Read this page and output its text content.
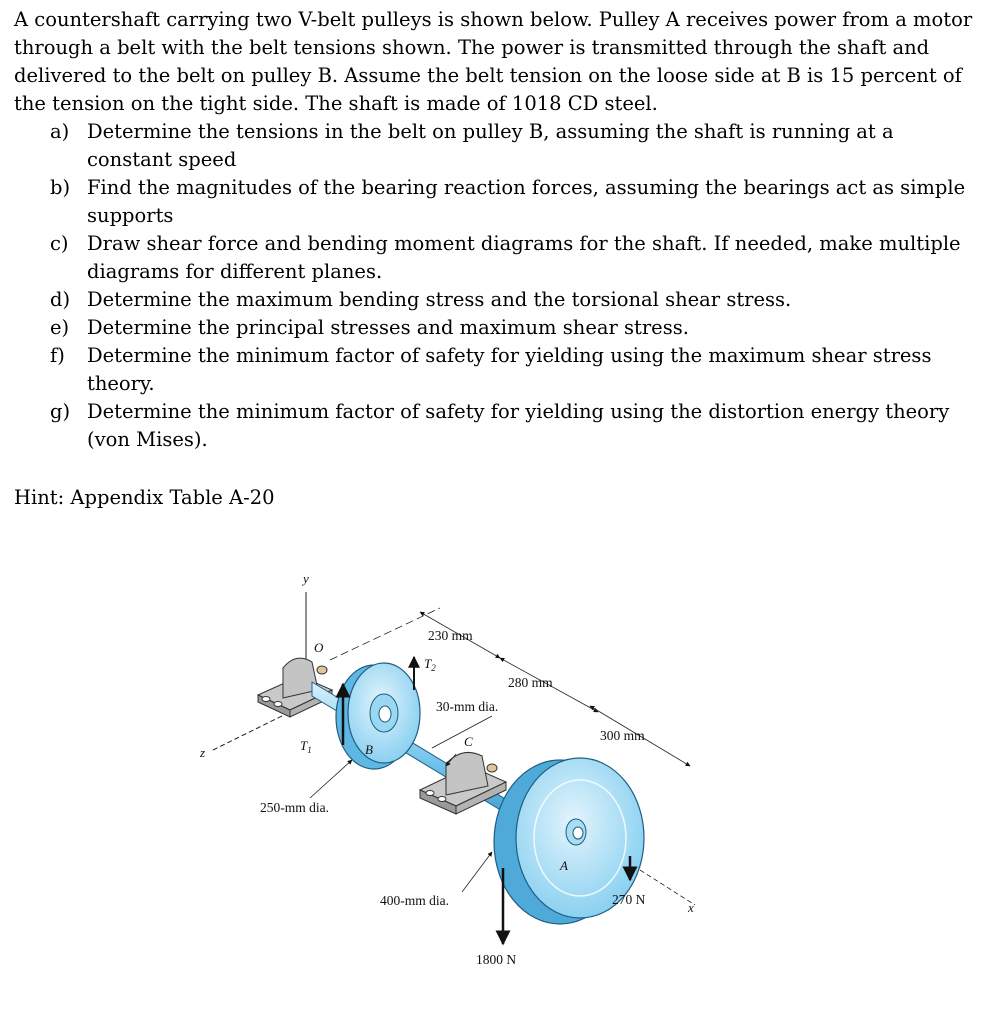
A countershaft carrying two V-belt pulleys is shown below. Pulley A receives power from a motor through a belt with the belt tensions shown. The power is transmitted through the shaft and delivered to the belt on pulley B. Assume the belt tension on the loose side at B is 15 percent of the tension on the tight side. The shaft is made of 1018 CD steel.

a) Determine the tensions in the belt on pulley B, assuming the shaft is running at a constant speed
b) Find the magnitudes of the bearing reaction forces, assuming the bearings act as simple supports
c) Draw shear force and bending moment diagrams for the shaft. If needed, make multiple diagrams for different planes.
d) Determine the maximum bending stress and the torsional shear stress.
e) Determine the principal stresses and maximum shear stress.
f) Determine the minimum factor of safety for yielding using the maximum shear stress theory.
g) Determine the minimum factor of safety for yielding using the distortion energy theory (von Mises).
Hint: Appendix Table A-20
y
z
x
O
B
$T_1$
$T_2$
250-mm dia.
C
30-mm dia.
A
230 mm
280 mm
300 mm
400-mm dia.
1800 N
270 N
